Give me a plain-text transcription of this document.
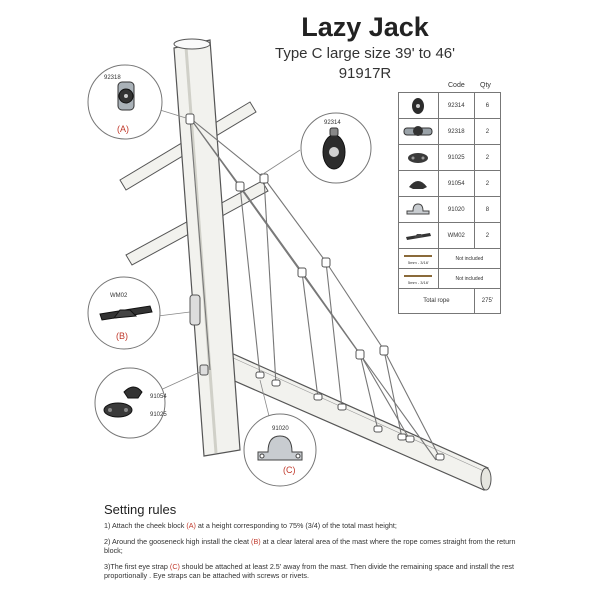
Lazy Jack
Type C large size 39' to 46'
91917R
92318
(A)
92314
WM02
(B)
91054
91025
91020
(C)
Code Qty
	92314	6
	92318	2
	91025	2
	91054	2
	91020	8
	WM02	2

5mm - 3/16'	Not included	

5mm - 3/16'	Not included	
Total rope		275'
Setting rules
1) Attach the cheek block (A) at a height corresponding to 75% (3/4) of the total mast height;
2) Around the gooseneck high install the cleat (B) at a clear lateral area of the mast where the rope comes straight from the return block;
3)The first eye strap (C) should be attached at least 2.5' away from the mast. Then divide the remaining space and install the rest proportionally . Eye straps can be attached with screws or rivets.
